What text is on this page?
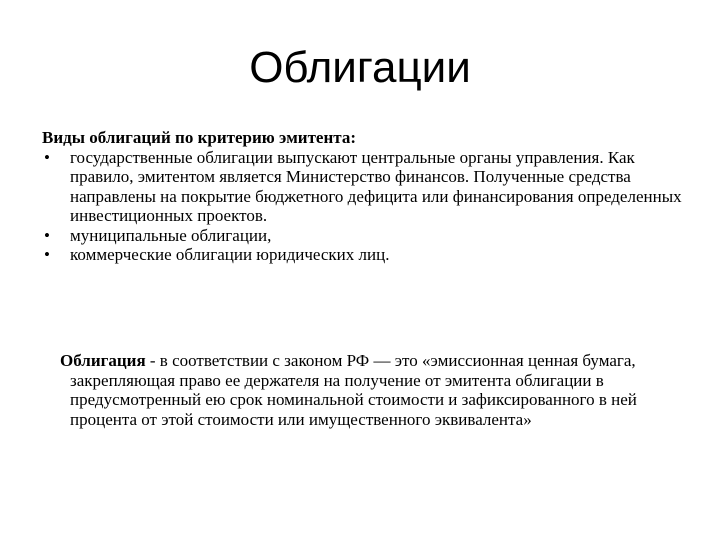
Облигации

Виды облигаций по критерию эмитента:

• государственные облигации выпускают центральные органы управления. Как правило, эмитентом является Министерство финансов. Полученные средства направлены на покрытие бюджетного дефицита или финансирования определенных инвестиционных проектов.
• муниципальные облигации,
• коммерческие облигации юридических лиц.

Облигация - в соответствии с законом РФ — это «эмиссионная ценная бумага, закрепляющая право ее держателя на получение от эмитента облигации в предусмотренный ею срок номинальной стоимости и зафиксированного в ней процента от этой стоимости или имущественного эквивалента»
